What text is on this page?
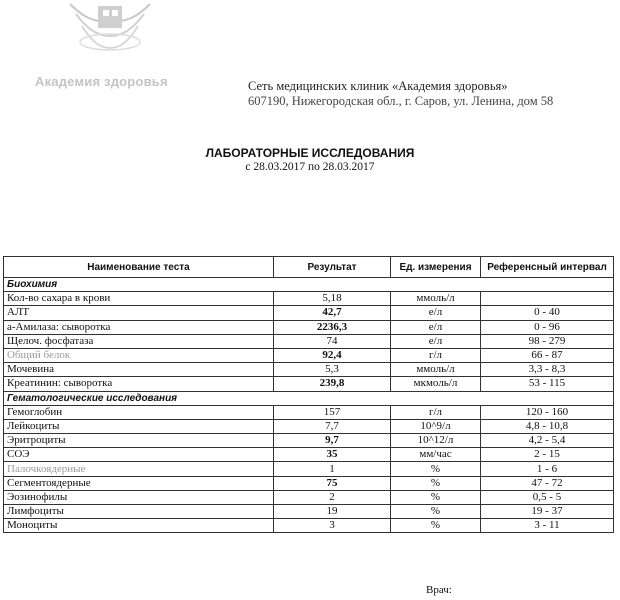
Академия здоровья	Сеть медицинских клиник «Академия здоровья»
607190, Нижегородская обл., г. Саров, ул. Ленина, дом 58
ЛАБОРАТОРНЫЕ ИССЛЕДОВАНИЯ
с 28.03.2017 по 28.03.2017
Наименование теста	Результат	Ед. измерения	Референсный интервал
Биохимия			
Кол-во сахара в крови	5,18	ммоль/л	
АЛТ	42,7	е/л	0 - 40
а-Амилаза: сыворотка	2236,3	е/л	0 - 96
Щелоч. фосфатаза	74	е/л	98 - 279
Общий белок	92,4	г/л	66 - 87
Мочевина	5,3	ммоль/л	3,3 - 8,3
Креатинин: сыворотка	239,8	мкмоль/л	53 - 115
Гематологические исследования			
Гемоглобин	157	г/л	120 - 160
Лейкоциты	7,7	10^9/л	4,8 - 10,8
Эритроциты	9,7	10^12/л	4,2 - 5,4
СОЭ	35	мм/час	2 - 15
Палочкоядерные	1	%	1 - 6
Сегментоядерные	75	%	47 - 72
Эозинофилы	2	%	0,5 - 5
Лимфоциты	19	%	19 - 37
Моноциты	3	%	3 - 11
Врач:
